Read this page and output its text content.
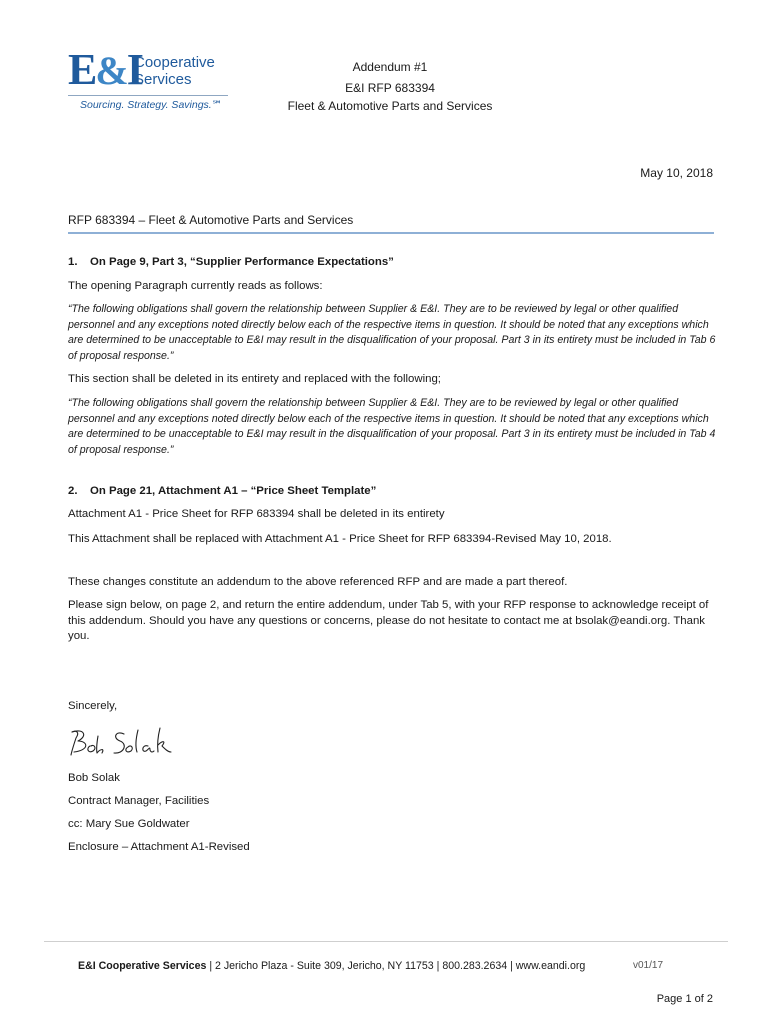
E&I
Cooperative
Services
Sourcing. Strategy. Savings.℠
Addendum #1
E&I RFP 683394
Fleet & Automotive Parts and Services
May 10, 2018
RFP 683394 – Fleet & Automotive Parts and Services
1. On Page 9, Part 3, “Supplier Performance Expectations”
The opening Paragraph currently reads as follows:
“The following obligations shall govern the relationship between Supplier & E&I. They are to be reviewed by legal or other qualified personnel and any exceptions noted directly below each of the respective items in question. It should be noted that any exceptions which are determined to be unacceptable to E&I may result in the disqualification of your proposal. Part 3 in its entirety must be included in Tab 6 of proposal response.”
This section shall be deleted in its entirety and replaced with the following;
“The following obligations shall govern the relationship between Supplier & E&I. They are to be reviewed by legal or other qualified personnel and any exceptions noted directly below each of the respective items in question. It should be noted that any exceptions which are determined to be unacceptable to E&I may result in the disqualification of your proposal. Part 3 in its entirety must be included in Tab 4 of proposal response.”
2. On Page 21, Attachment A1 – “Price Sheet Template”
Attachment A1 - Price Sheet for RFP 683394 shall be deleted in its entirety
This Attachment shall be replaced with Attachment A1 - Price Sheet for RFP 683394-Revised May 10, 2018.
These changes constitute an addendum to the above referenced RFP and are made a part thereof.
Please sign below, on page 2, and return the entire addendum, under Tab 5, with your RFP response to acknowledge receipt of this addendum. Should you have any questions or concerns, please do not hesitate to contact me at bsolak@eandi.org. Thank you.
Sincerely,
Bob Solak
Contract Manager, Facilities
cc: Mary Sue Goldwater
Enclosure – Attachment A1-Revised
E&I Cooperative Services | 2 Jericho Plaza - Suite 309, Jericho, NY 11753 | 800.283.2634 | www.eandi.org	v01/17
Page 1 of 2
